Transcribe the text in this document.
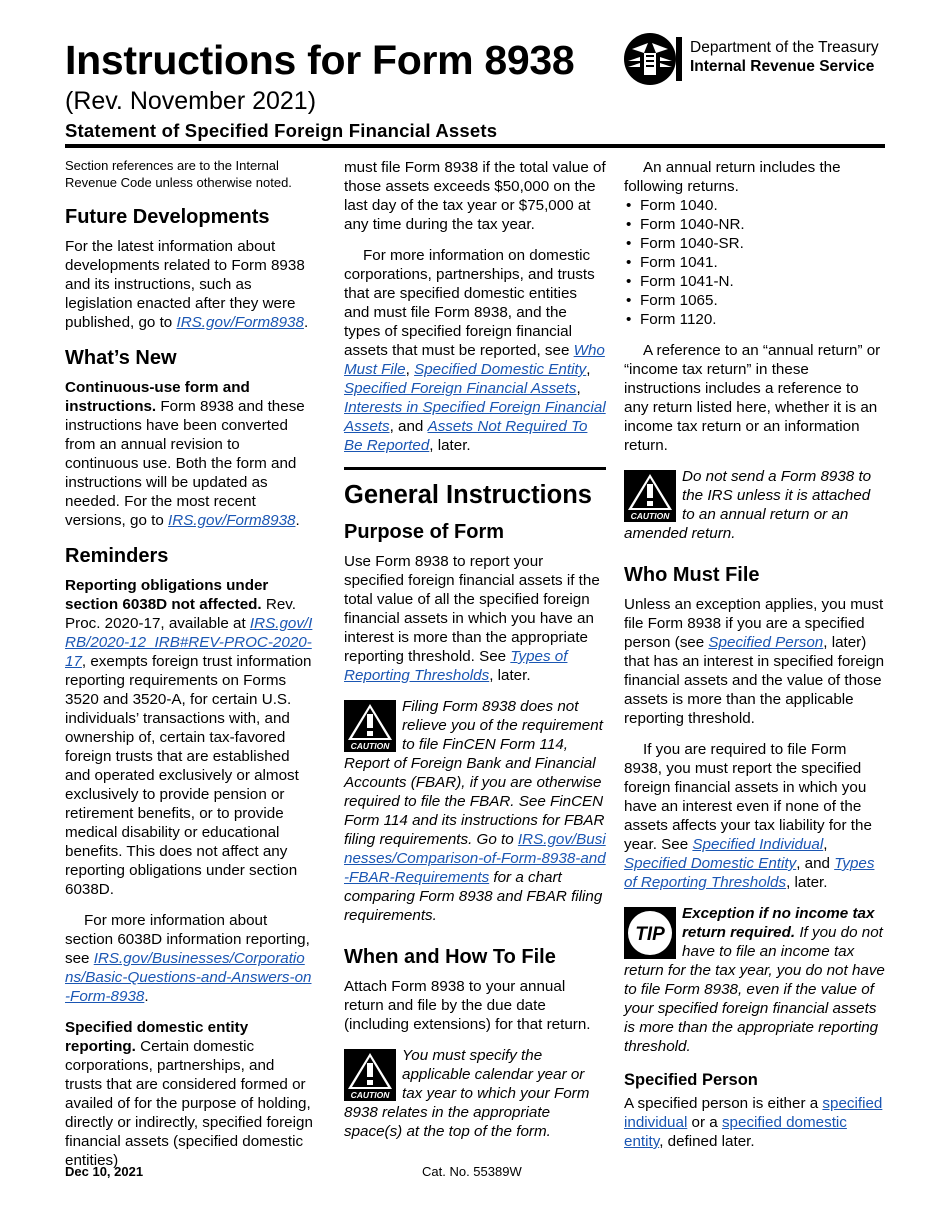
Instructions for Form 8938
(Rev. November 2021)
Statement of Specified Foreign Financial Assets
Department of the Treasury
Internal Revenue Service

Section references are to the Internal Revenue Code unless otherwise noted.

Future Developments

For the latest information about developments related to Form 8938 and its instructions, such as legislation enacted after they were published, go to IRS.gov/Form8938.

What’s New

Continuous-use form and instructions. Form 8938 and these instructions have been converted from an annual revision to continuous use. Both the form and instructions will be updated as needed. For the most recent versions, go to IRS.gov/Form8938.

Reminders

Reporting obligations under section 6038D not affected. Rev. Proc. 2020-17, available at IRS.gov/IRB/2020-12_IRB#REV-PROC-2020-17, exempts foreign trust information reporting requirements on Forms 3520 and 3520-A, for certain U.S. individuals’ transactions with, and ownership of, certain tax-favored foreign trusts that are established and operated exclusively or almost exclusively to provide pension or retirement benefits, or to provide medical disability or educational benefits. This does not affect any reporting obligations under section 6038D.

For more information about section 6038D information reporting, see IRS.gov/Businesses/Corporations/Basic-Questions-and-Answers-on-Form-8938.

Specified domestic entity reporting. Certain domestic corporations, partnerships, and trusts that are considered formed or availed of for the purpose of holding, directly or indirectly, specified foreign financial assets (specified domestic entities)

must file Form 8938 if the total value of those assets exceeds $50,000 on the last day of the tax year or $75,000 at any time during the tax year.

For more information on domestic corporations, partnerships, and trusts that are specified domestic entities and must file Form 8938, and the types of specified foreign financial assets that must be reported, see Who Must File, Specified Domestic Entity, Specified Foreign Financial Assets, Interests in Specified Foreign Financial Assets, and Assets Not Required To Be Reported, later.

General Instructions
Purpose of Form

Use Form 8938 to report your specified foreign financial assets if the total value of all the specified foreign financial assets in which you have an interest is more than the appropriate reporting threshold. See Types of Reporting Thresholds, later.

CAUTION
Filing Form 8938 does not relieve you of the requirement to file FinCEN Form 114, Report of Foreign Bank and Financial Accounts (FBAR), if you are otherwise required to file the FBAR. See FinCEN Form 114 and its instructions for FBAR filing requirements. Go to IRS.gov/Businesses/Comparison-of-Form-8938-and-FBAR-Requirements for a chart comparing Form 8938 and FBAR filing requirements.
When and How To File

Attach Form 8938 to your annual return and file by the due date (including extensions) for that return.

CAUTION
You must specify the applicable calendar year or tax year to which your Form 8938 relates in the appropriate space(s) at the top of the form.

An annual return includes the following returns.

• Form 1040.
• Form 1040-NR.
• Form 1040-SR.
• Form 1041.
• Form 1041-N.
• Form 1065.
• Form 1120.

A reference to an “annual return” or “income tax return” in these instructions includes a reference to any return listed here, whether it is an income tax return or an information return.

CAUTION
Do not send a Form 8938 to the IRS unless it is attached to an annual return or an amended return.
Who Must File

Unless an exception applies, you must file Form 8938 if you are a specified person (see Specified Person, later) that has an interest in specified foreign financial assets and the value of those assets is more than the applicable reporting threshold.

If you are required to file Form 8938, you must report the specified foreign financial assets in which you have an interest even if none of the assets affects your tax liability for the year. See Specified Individual, Specified Domestic Entity, and Types of Reporting Thresholds, later.

TIP
Exception if no income tax return required. If you do not have to file an income tax return for the tax year, you do not have to file Form 8938, even if the value of your specified foreign financial assets is more than the appropriate reporting threshold.
Specified Person

A specified person is either a specified individual or a specified domestic entity, defined later.

Dec 10, 2021	Cat. No. 55389W
